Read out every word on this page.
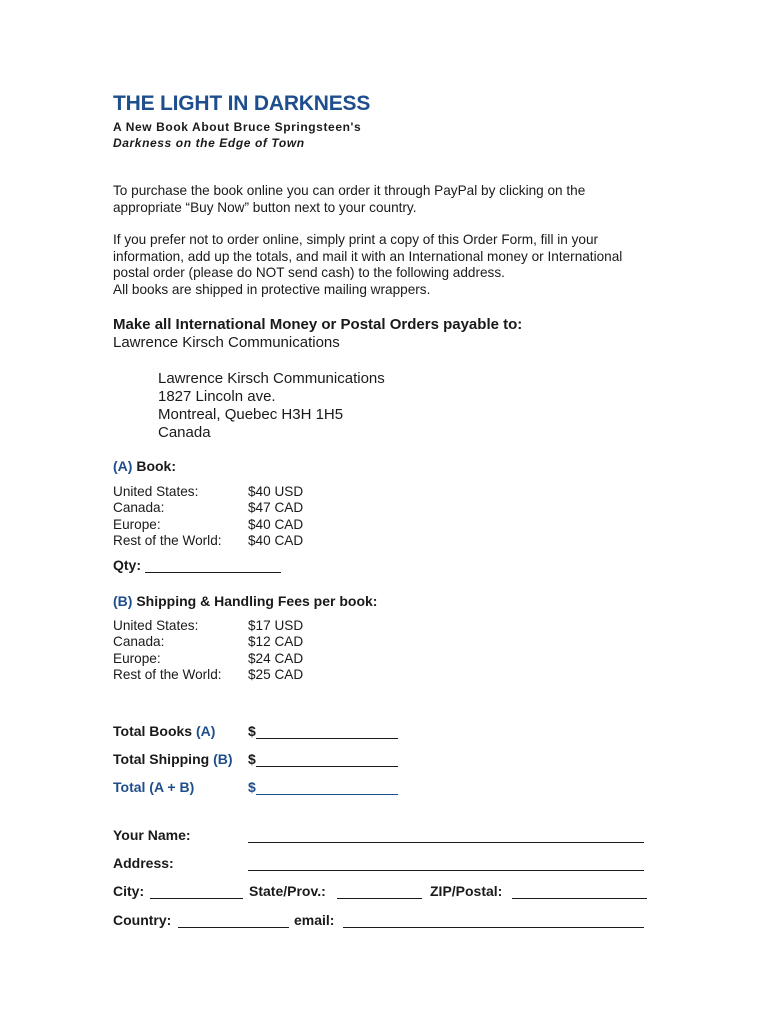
THE LIGHT IN DARKNESS
A New Book About Bruce Springsteen's
Darkness on the Edge of Town
To purchase the book online you can order it through PayPal by clicking on the
appropriate “Buy Now” button next to your country.
If you prefer not to order online, simply print a copy of this Order Form, fill in your
information, add up the totals, and mail it with an International money or International
postal order (please do NOT send cash) to the following address.
All books are shipped in protective mailing wrappers.
Make all International Money or Postal Orders payable to:
Lawrence Kirsch Communications
Lawrence Kirsch Communications
1827 Lincoln ave.
Montreal, Quebec H3H 1H5
Canada
(A) Book:
United States:	$40 USD
Canada:	$47 CAD
Europe:	$40 CAD
Rest of the World:	$40 CAD
Qty:
(B) Shipping & Handling Fees per book:
United States:	$17 USD
Canada:	$12 CAD
Europe:	$24 CAD
Rest of the World:	$25 CAD
Total Books (A) $
Total Shipping (B) $
Total (A + B)	$
Your Name:
Address:
City:	State/Prov.:	ZIP/Postal:
Country:	email:
